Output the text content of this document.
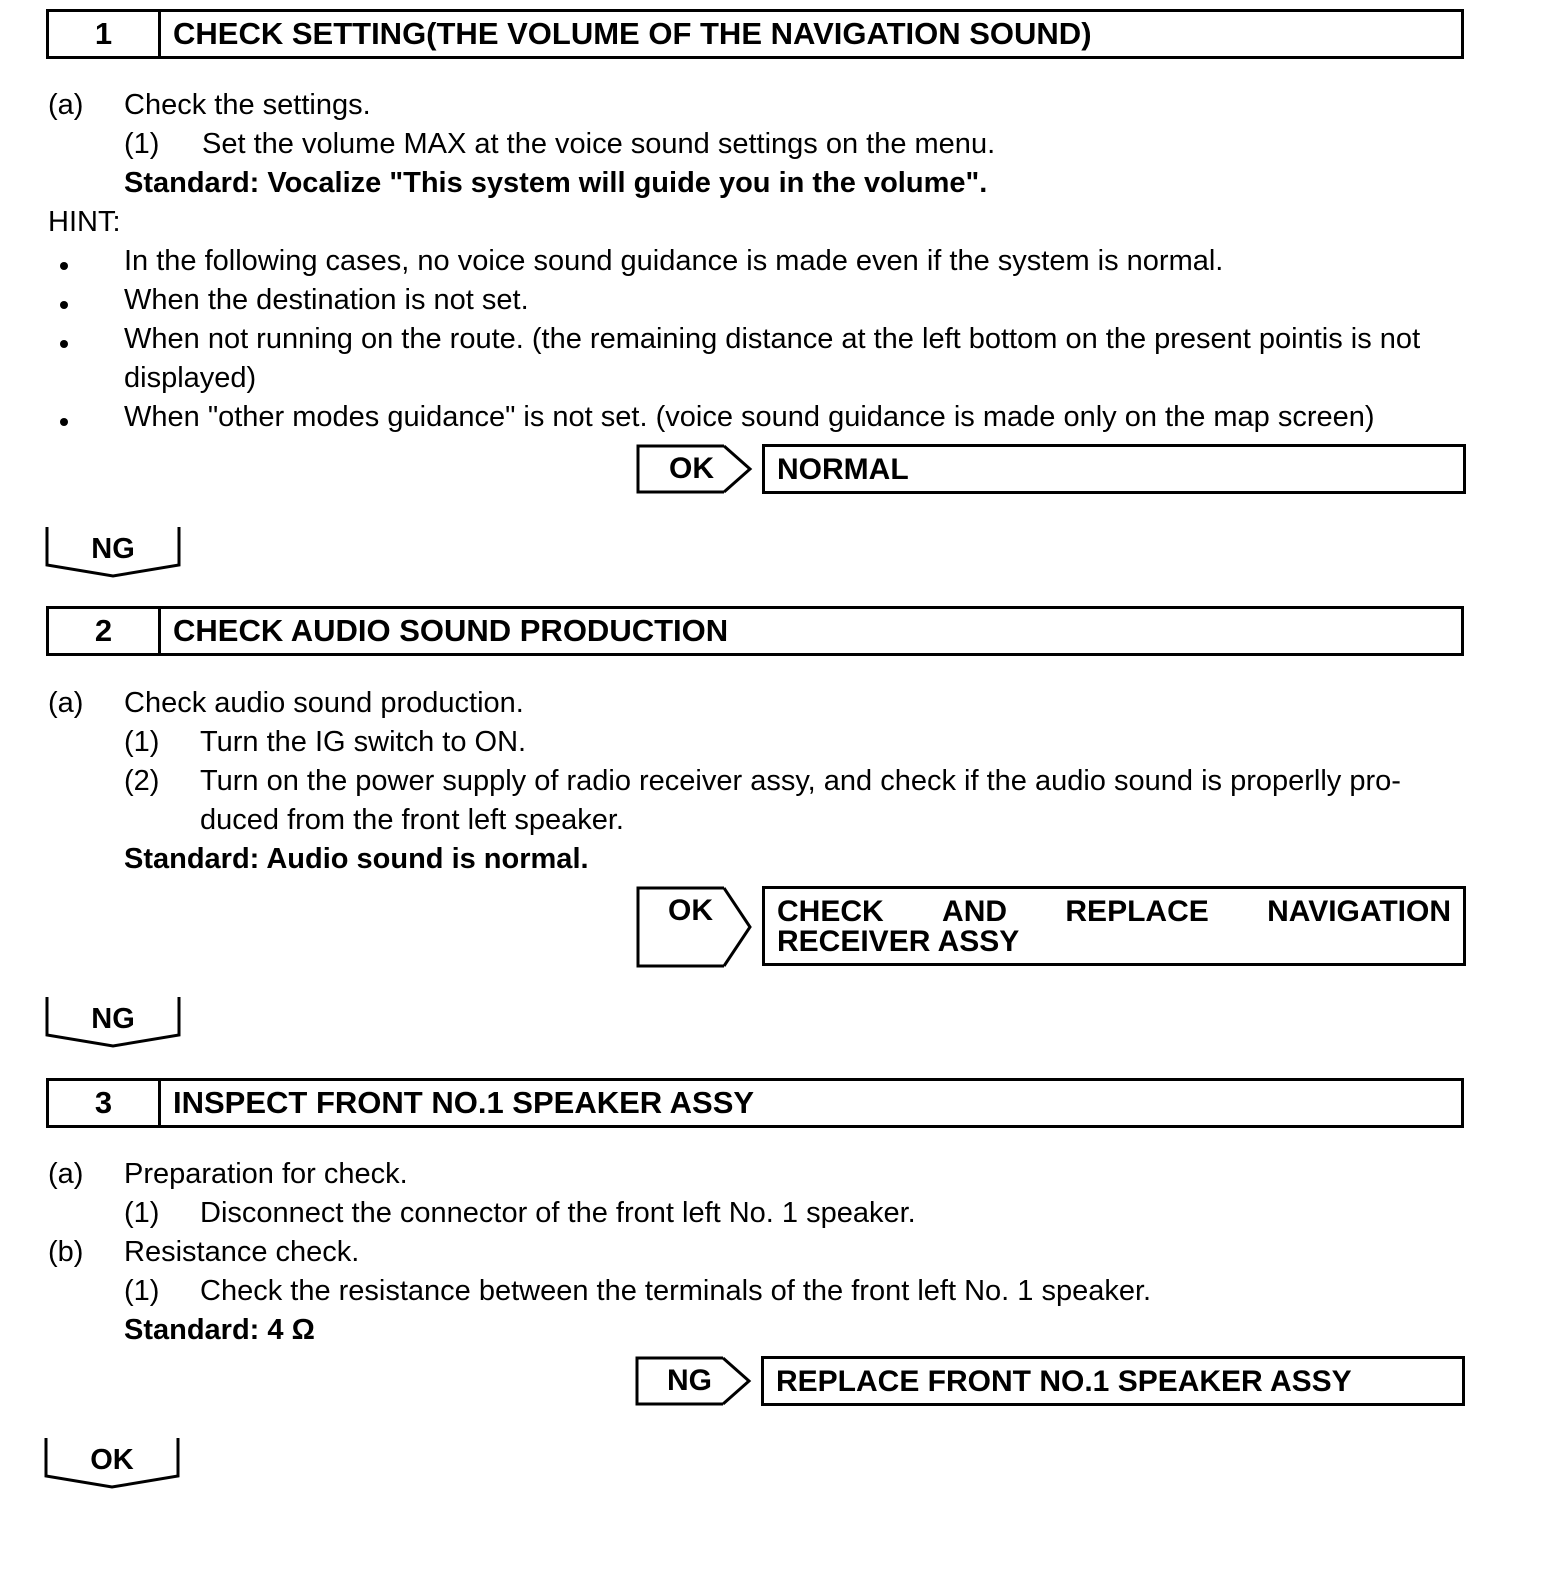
1	CHECK SETTING(THE VOLUME OF THE NAVIGATION SOUND)
(a) Check the settings.
(1) Set the volume MAX at the voice sound settings on the menu.
Standard: Vocalize "This system will guide you in the volume".
HINT:
In the following cases, no voice sound guidance is made even if the system is normal.
When the destination is not set.
When not running on the route. (the remaining distance at the left bottom on the present pointis is not
displayed)
When "other modes guidance" is not set. (voice sound guidance is made only on the map screen)
OK NORMAL
NG
2	CHECK AUDIO SOUND PRODUCTION
(a) Check audio sound production.
(1) Turn the IG switch to ON.
(2) Turn on the power supply of radio receiver assy, and check if the audio sound is properlly pro-
duced from the front left speaker.
Standard: Audio sound is normal.
OK CHECK AND REPLACE NAVIGATION
RECEIVER ASSY
NG
3	INSPECT FRONT NO.1 SPEAKER ASSY
(a) Preparation for check.
(1) Disconnect the connector of the front left No. 1 speaker.
(b) Resistance check.
(1) Check the resistance between the terminals of the front left No. 1 speaker.
Standard: 4 Ω
NG REPLACE FRONT NO.1 SPEAKER ASSY
OK
